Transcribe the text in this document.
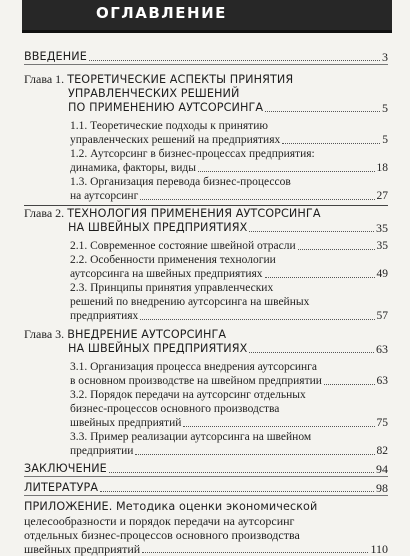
ОГЛАВЛЕНИЕ
ВВЕДЕНИЕ	3
Глава 1. ТЕОРЕТИЧЕСКИЕ АСПЕКТЫ ПРИНЯТИЯ
УПРАВЛЕНЧЕСКИХ РЕШЕНИЙ
ПО ПРИМЕНЕНИЮ АУТСОРСИНГА	5
1.1. Теоретические подходы к принятию
управленческих решений на предприятиях	5
1.2. Аутсорсинг в бизнес-процессах предприятия:
динамика, факторы, виды	18
1.3. Организация перевода бизнес-процессов
на аутсорсинг	27
Глава 2. ТЕХНОЛОГИЯ ПРИМЕНЕНИЯ АУТСОРСИНГА
НА ШВЕЙНЫХ ПРЕДПРИЯТИЯХ	35
2.1. Современное состояние швейной отрасли	35
2.2. Особенности применения технологии
аутсорсинга на швейных предприятиях	49
2.3. Принципы принятия управленческих
решений по внедрению аутсорсинга на швейных
предприятиях	57
Глава 3. ВНЕДРЕНИЕ АУТСОРСИНГА
НА ШВЕЙНЫХ ПРЕДПРИЯТИЯХ	63
3.1. Организация процесса внедрения аутсорсинга
в основном производстве на швейном предприятии	63
3.2. Порядок передачи на аутсорсинг отдельных
бизнес-процессов основного производства
швейных предприятий	75
3.3. Пример реализации аутсорсинга на швейном
предприятии	82
ЗАКЛЮЧЕНИЕ	94
ЛИТЕРАТУРА	98
ПРИЛОЖЕНИЕ. Методика оценки экономической
целесообразности и порядок передачи на аутсорсинг
отдельных бизнес-процессов основного производства
швейных предприятий	110
